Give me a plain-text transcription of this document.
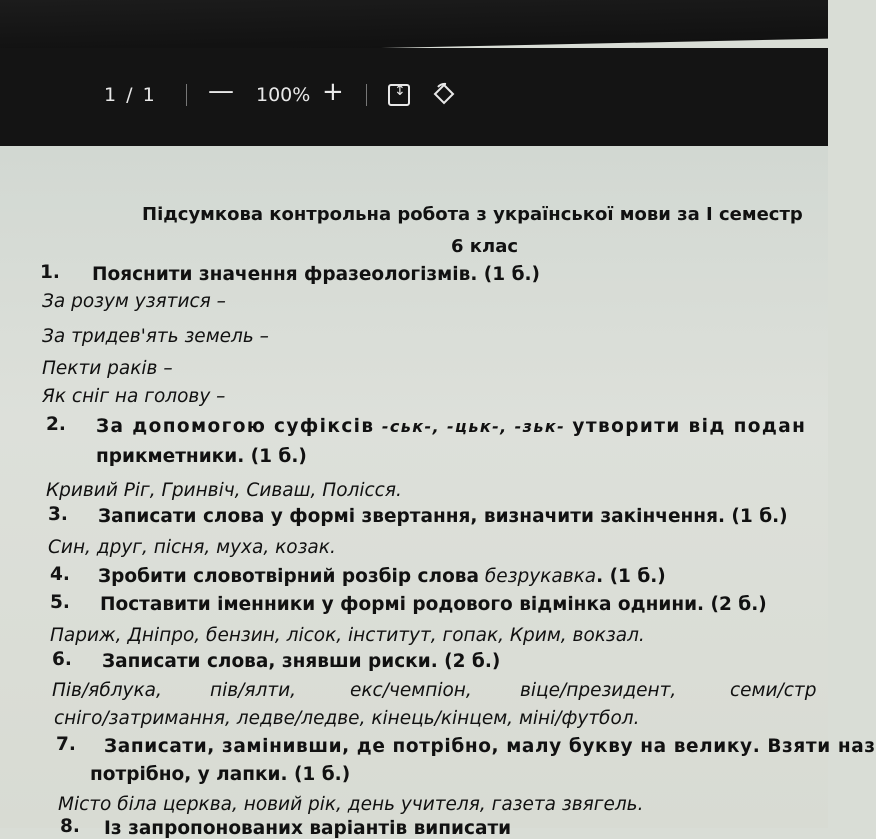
1 / 1 — 100% +
↕
Підсумкова контрольна робота з української мови за І семестр
6 клас
1. Пояснити значення фразеологізмів. (1 б.)
За розум узятися –
За тридев'ять земель –
Пекти раків –
Як сніг на голову –
2. За допомогою суфіксів -ськ-, -цьк-, -зьк- утворити від подан
прикметники. (1 б.)
Кривий Ріг, Гринвіч, Сиваш, Полісся.
3. Записати слова у формі звертання, визначити закінчення. (1 б.)
Син, друг, пісня, муха, козак.
4. Зробити словотвірний розбір слова безрукавка. (1 б.)
5. Поставити іменники у формі родового відмінка однини. (2 б.)
Париж, Дніпро, бензин, лісок, інститут, гопак, Крим, вокзал.
6. Записати слова, знявши риски. (2 б.)
Пів/яблука,	пів/ялти,	екс/чемпіон,	віце/президент,	семи/стр
сніго/затримання, ледве/ледве, кінець/кінцем, міні/футбол.
7. Записати, замінивши, де потрібно, малу букву на велику. Взяти наз
потрібно, у лапки. (1 б.)
Місто біла церква, новий рік, день учителя, газета звягель.
8. Із запропонованих варіантів виписати
